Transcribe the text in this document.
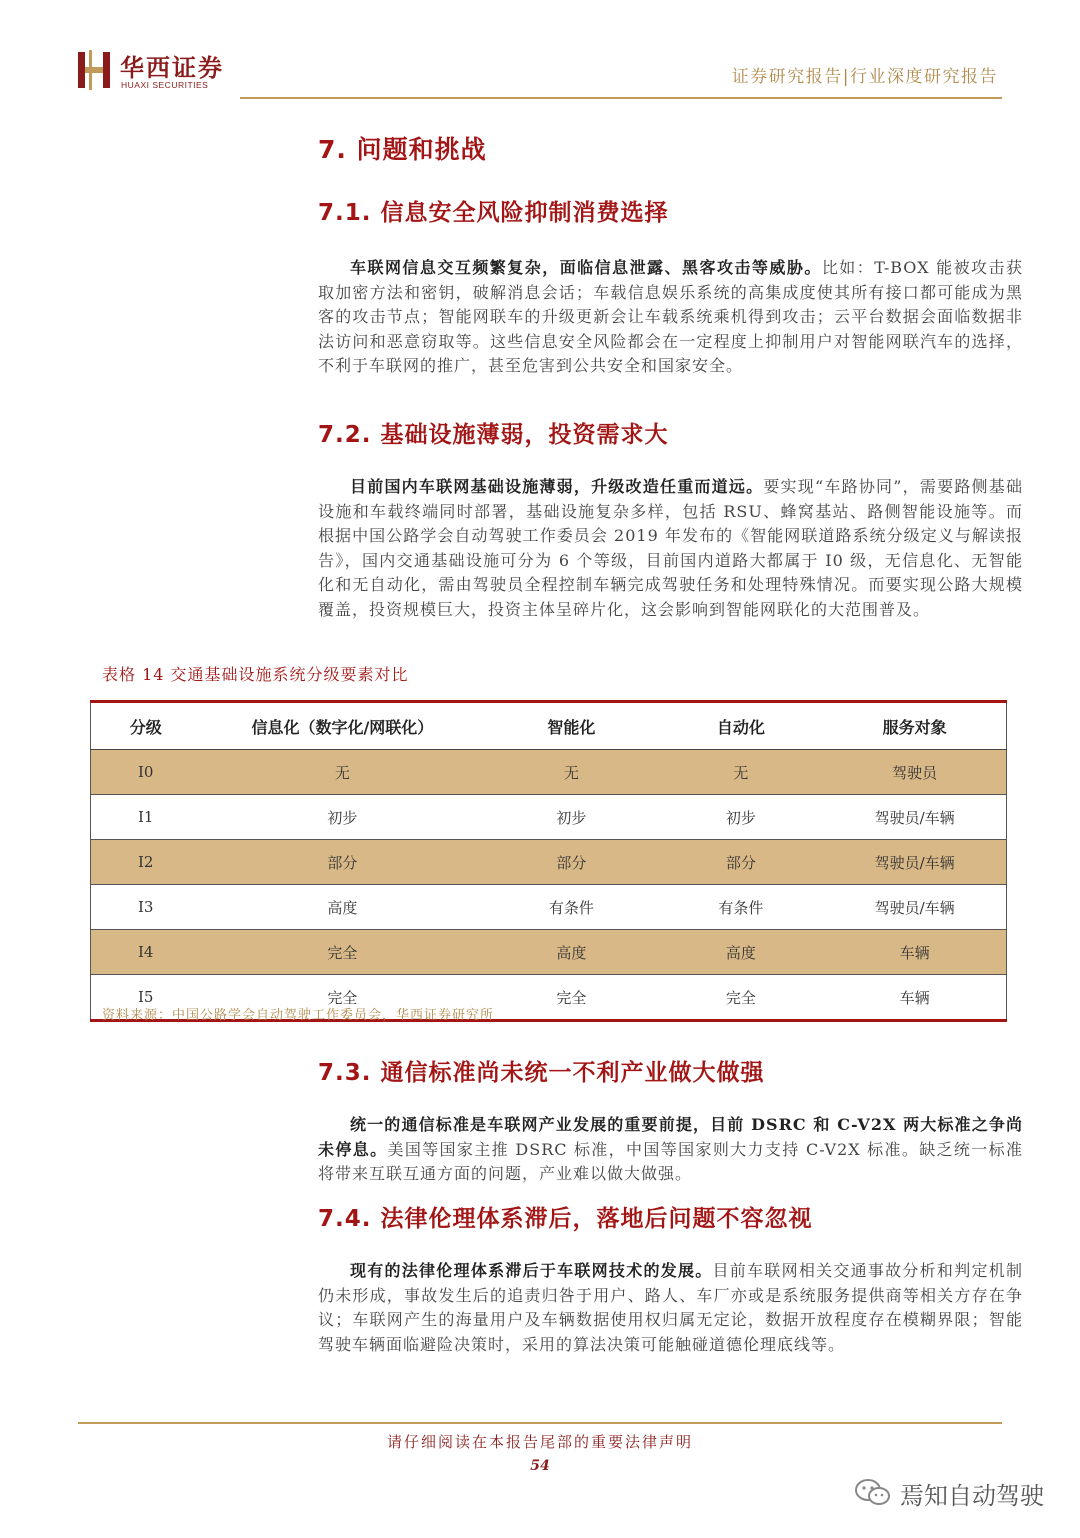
华西证券
HUAXI SECURITIES	证券研究报告|行业深度研究报告
7. 问题和挑战
7.1. 信息安全风险抑制消费选择
车联网信息交互频繁复杂，面临信息泄露、黑客攻击等威胁。比如：T-BOX 能被攻击获取加密方法和密钥，破解消息会话；车载信息娱乐系统的高集成度使其所有接口都可能成为黑客的攻击节点；智能网联车的升级更新会让车载系统乘机得到攻击；云平台数据会面临数据非法访问和恶意窃取等。这些信息安全风险都会在一定程度上抑制用户对智能网联汽车的选择，不利于车联网的推广，甚至危害到公共安全和国家安全。
7.2. 基础设施薄弱，投资需求大
目前国内车联网基础设施薄弱，升级改造任重而道远。要实现“车路协同”，需要路侧基础设施和车载终端同时部署，基础设施复杂多样，包括 RSU、蜂窝基站、路侧智能设施等。而根据中国公路学会自动驾驶工作委员会 2019 年发布的《智能网联道路系统分级定义与解读报告》，国内交通基础设施可分为 6 个等级，目前国内道路大都属于 I0 级，无信息化、无智能化和无自动化，需由驾驶员全程控制车辆完成驾驶任务和处理特殊情况。而要实现公路大规模覆盖，投资规模巨大，投资主体呈碎片化，这会影响到智能网联化的大范围普及。
表格 14 交通基础设施系统分级要素对比
分级	信息化（数字化/网联化）	智能化	自动化	服务对象
I0	无	无	无	驾驶员
I1	初步	初步	初步	驾驶员/车辆
I2	部分	部分	部分	驾驶员/车辆
I3	高度	有条件	有条件	驾驶员/车辆
I4	完全	高度	高度	车辆
I5	完全	完全	完全	车辆
资料来源：中国公路学会自动驾驶工作委员会，华西证券研究所
7.3. 通信标准尚未统一不利产业做大做强
统一的通信标准是车联网产业发展的重要前提，目前 DSRC 和 C-V2X 两大标准之争尚未停息。美国等国家主推 DSRC 标准，中国等国家则大力支持 C-V2X 标准。缺乏统一标准将带来互联互通方面的问题，产业难以做大做强。
7.4. 法律伦理体系滞后，落地后问题不容忽视
现有的法律伦理体系滞后于车联网技术的发展。目前车联网相关交通事故分析和判定机制仍未形成，事故发生后的追责归咎于用户、路人、车厂亦或是系统服务提供商等相关方存在争议；车联网产生的海量用户及车辆数据使用权归属无定论，数据开放程度存在模糊界限；智能驾驶车辆面临避险决策时，采用的算法决策可能触碰道德伦理底线等。
请仔细阅读在本报告尾部的重要法律声明
54
焉知自动驾驶
